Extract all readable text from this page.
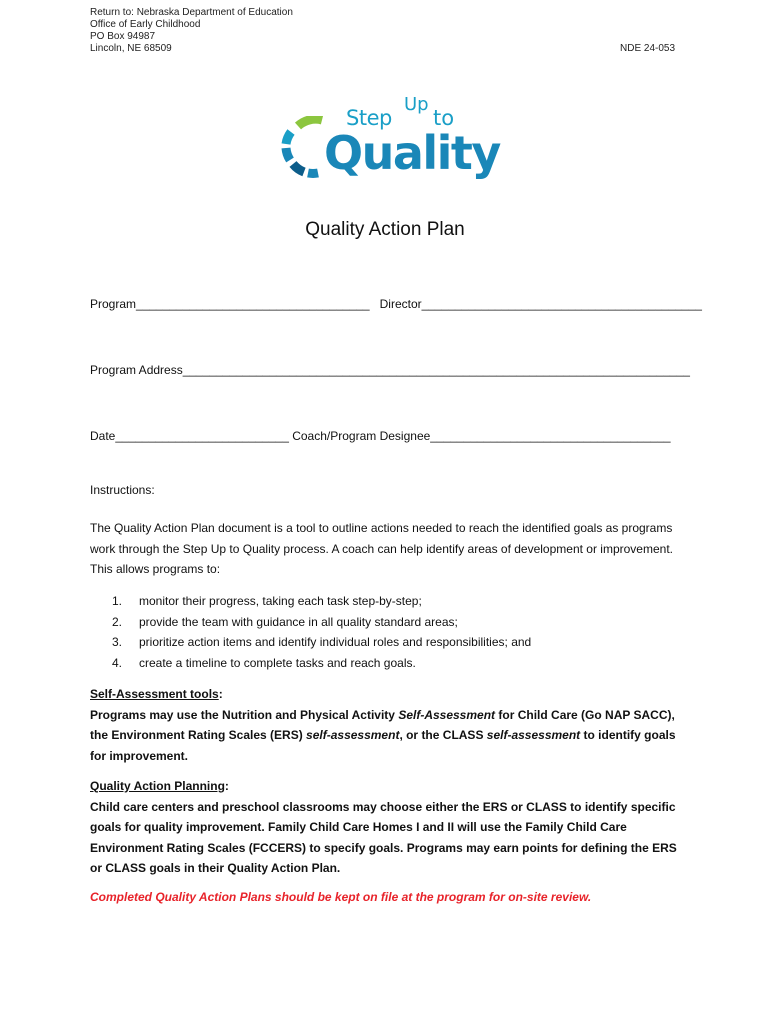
Return to: Nebraska Department of Education
Office of Early Childhood
PO Box 94987
Lincoln, NE 68509	NDE 24-053
Step
Up
to
Quality
Quality Action Plan
Program___________________________________ Director__________________________________________
Program Address____________________________________________________________________________
Date__________________________ Coach/Program Designee____________________________________
Instructions:
The Quality Action Plan document is a tool to outline actions needed to reach the identified goals as programs work through the Step Up to Quality process. A coach can help identify areas of development or improvement. This allows programs to:
1. monitor their progress, taking each task step-by-step;
2. provide the team with guidance in all quality standard areas;
3. prioritize action items and identify individual roles and responsibilities; and
4. create a timeline to complete tasks and reach goals.
Self-Assessment tools:
Programs may use the Nutrition and Physical Activity Self-Assessment for Child Care (Go NAP SACC), the Environment Rating Scales (ERS) self-assessment, or the CLASS self-assessment to identify goals for improvement.
Quality Action Planning:
Child care centers and preschool classrooms may choose either the ERS or CLASS to identify specific goals for quality improvement. Family Child Care Homes I and II will use the Family Child Care Environment Rating Scales (FCCERS) to specify goals. Programs may earn points for defining the ERS or CLASS goals in their Quality Action Plan.
Completed Quality Action Plans should be kept on file at the program for on-site review.
